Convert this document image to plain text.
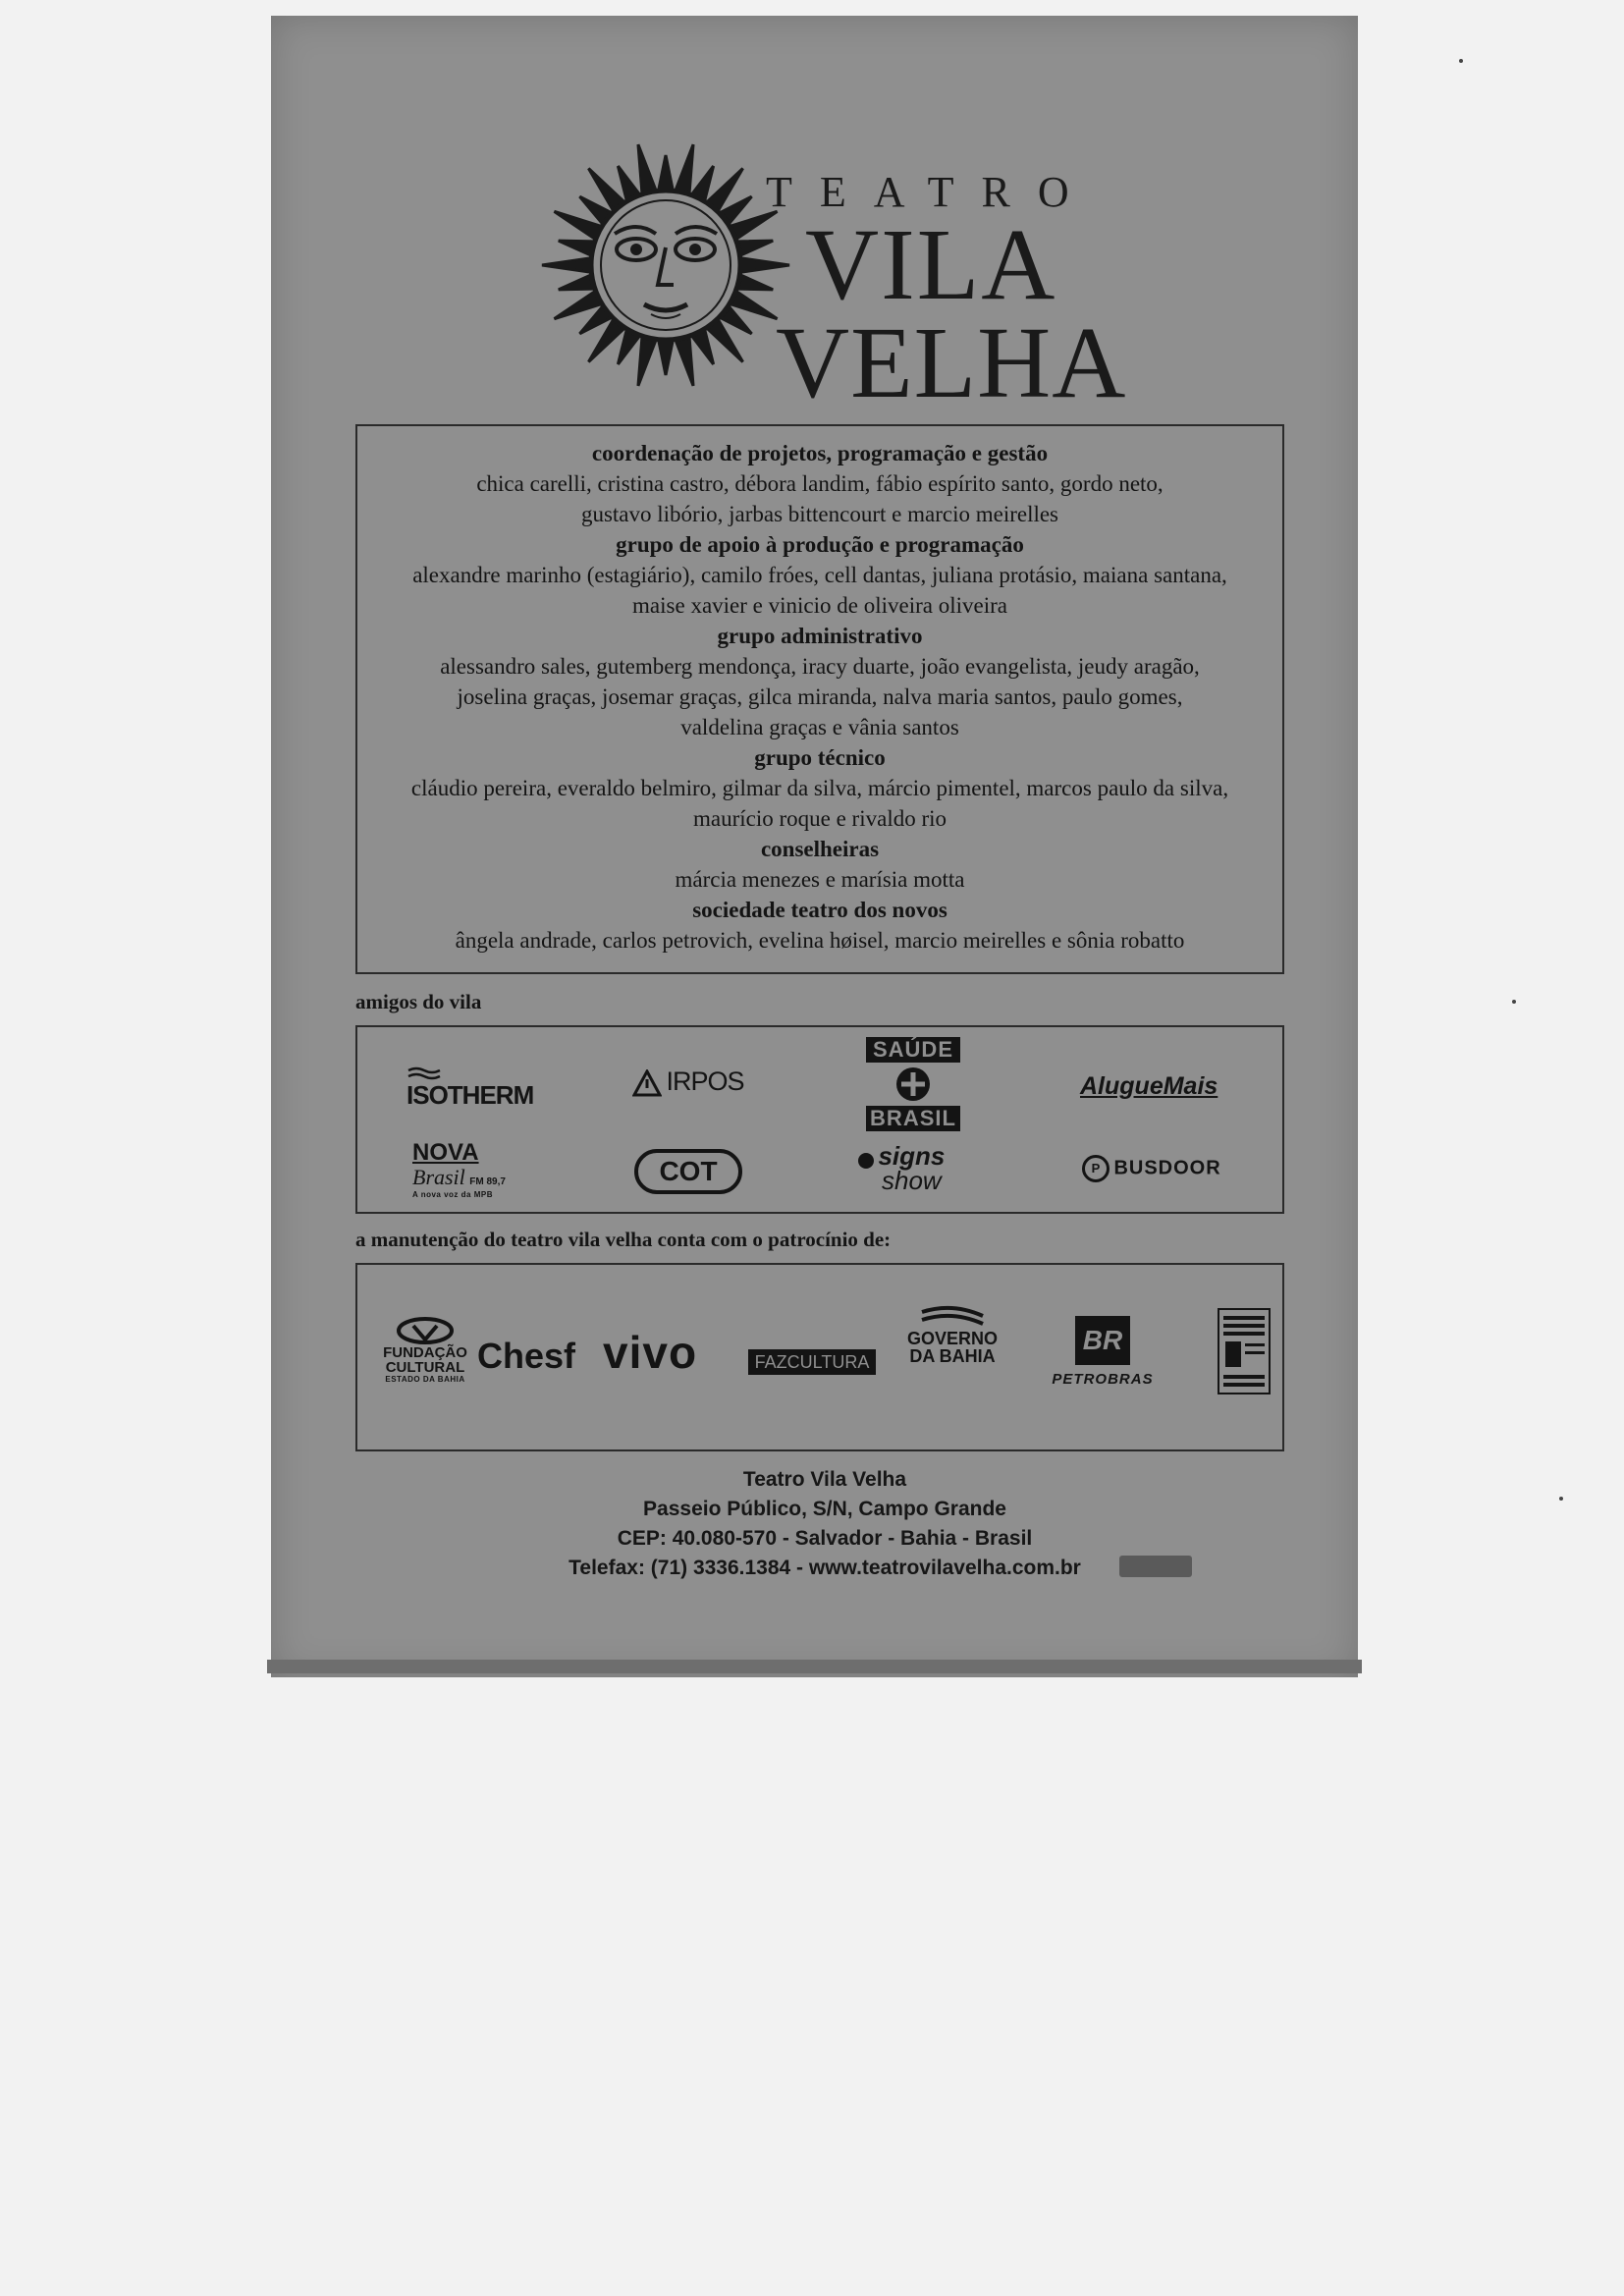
TEATRO
VILA
VELHA
coordenação de projetos, programação e gestão
chica carelli, cristina castro, débora landim, fábio espírito santo, gordo neto,
gustavo libório, jarbas bittencourt e marcio meirelles
grupo de apoio à produção e programação
alexandre marinho (estagiário), camilo fróes, cell dantas, juliana protásio, maiana santana,
maise xavier e vinicio de oliveira oliveira
grupo administrativo
alessandro sales, gutemberg mendonça, iracy duarte, joão evangelista, jeudy aragão,
joselina graças, josemar graças, gilca miranda, nalva maria santos, paulo gomes,
valdelina graças e vânia santos
grupo técnico
cláudio pereira, everaldo belmiro, gilmar da silva, márcio pimentel, marcos paulo da silva,
maurício roque e rivaldo rio
conselheiras
márcia menezes e marísia motta
sociedade teatro dos novos
ângela andrade, carlos petrovich, evelina høisel, marcio meirelles e sônia robatto
amigos do vila
ISOTHERM	IRPOS
SAÚDE
BRASIL
AlugueMais
NOVA
Brasil FM 89,7
A nova voz da MPB
COT	signs
show	P BUSDOOR
a manutenção do teatro vila velha conta com o patrocínio de:
FUNDAÇÃO
CULTURAL
ESTADO DA BAHIA
Chesf vivo	FAZCULTURA
GOVERNO
DA BAHIA
BR
PETROBRAS
Teatro Vila Velha
Passeio Público, S/N, Campo Grande
CEP: 40.080-570 - Salvador - Bahia - Brasil
Telefax: (71) 3336.1384 - www.teatrovilavelha.com.br
